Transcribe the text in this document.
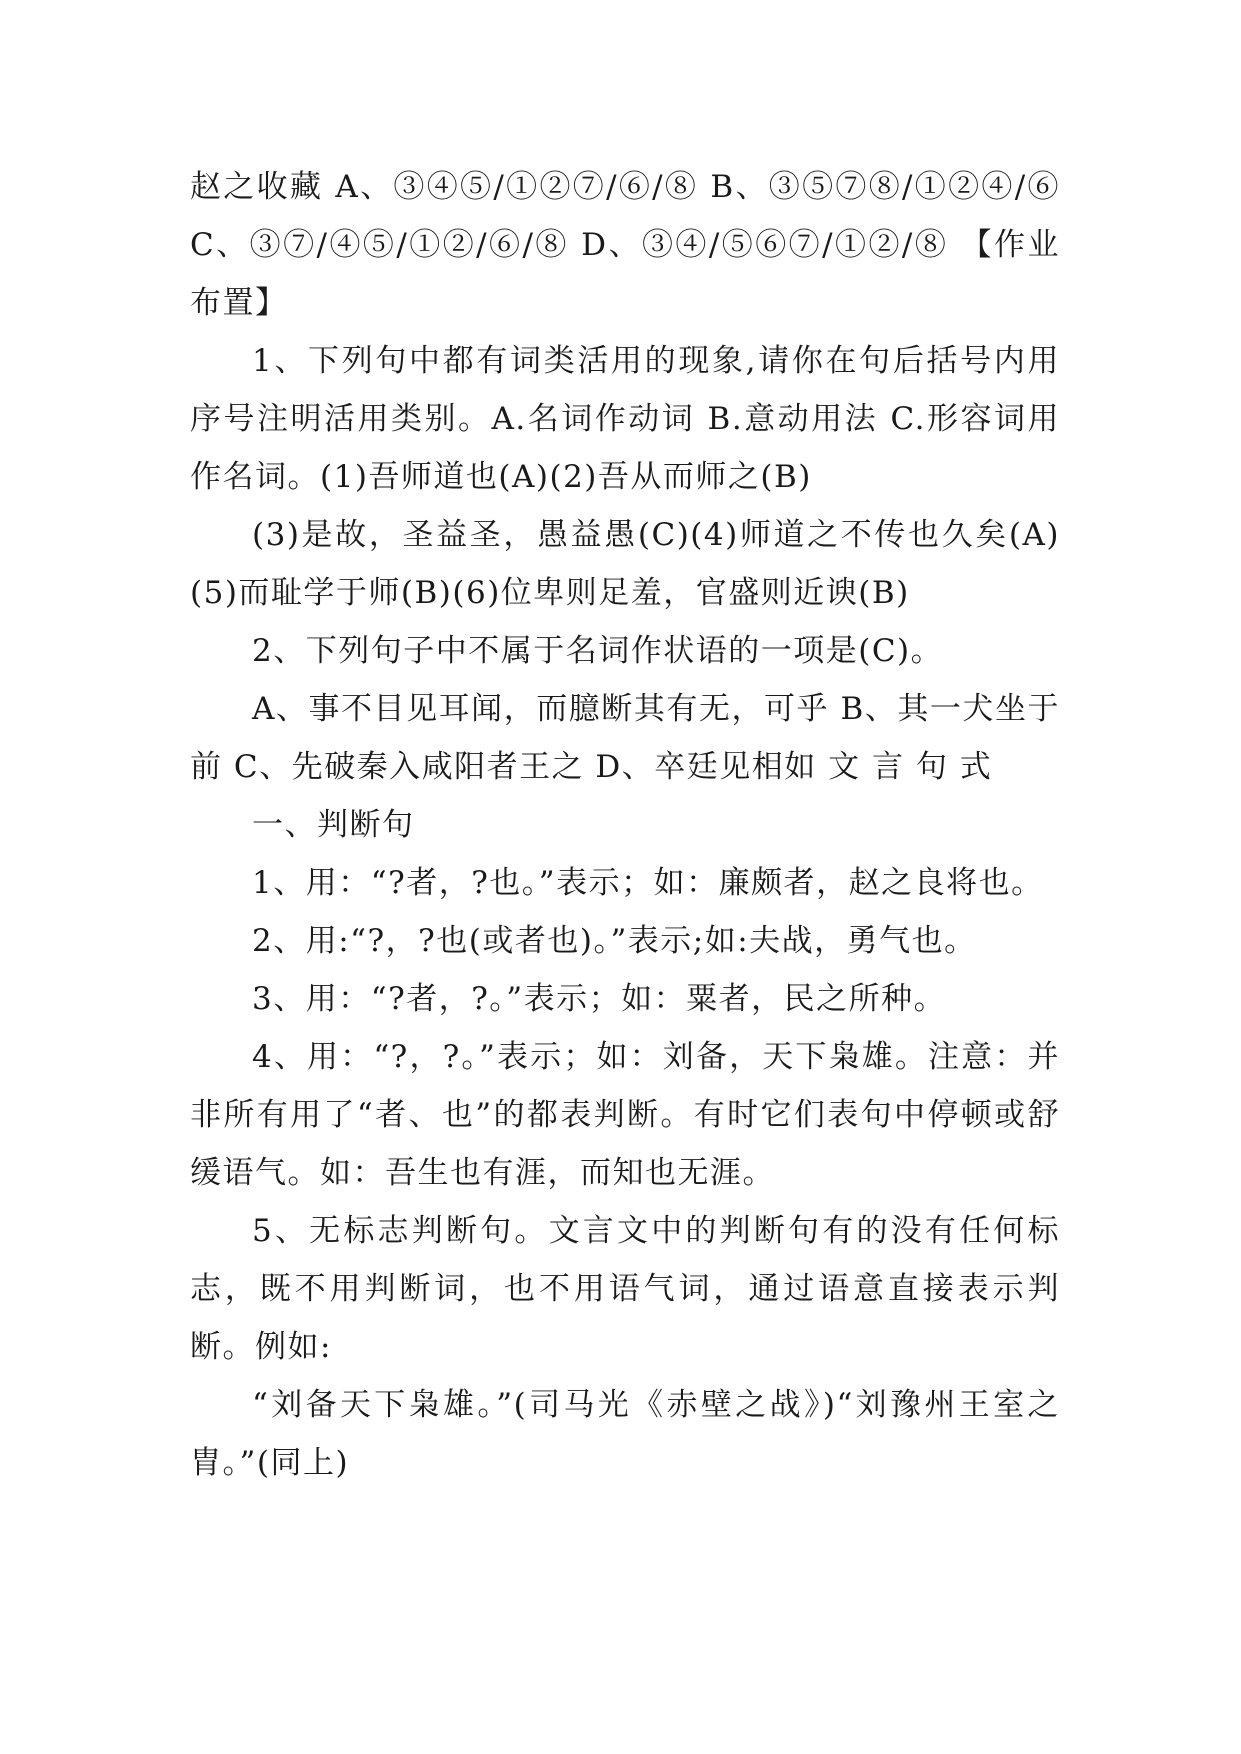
赵之收藏 A、③④⑤/①②⑦/⑥/⑧ B、③⑤⑦⑧/①②④/⑥ C、③⑦/④⑤/①②/⑥/⑧ D、③④/⑤⑥⑦/①②/⑧ 【作业布置】

1、下列句中都有词类活用的现象,请你在句后括号内用序号注明活用类别。A.名词作动词 B.意动用法 C.形容词用作名词。(1)吾师道也(A)(2)吾从而师之(B)

(3)是故，圣益圣，愚益愚(C)(4)师道之不传也久矣(A)(5)而耻学于师(B)(6)位卑则足羞，官盛则近谀(B)

2、下列句子中不属于名词作状语的一项是(C)。

A、事不目见耳闻，而臆断其有无，可乎 B、其一犬坐于前 C、先破秦入咸阳者王之 D、卒廷见相如 文 言 句 式

一、判断句

1、用：“?者，?也。”表示；如：廉颇者，赵之良将也。

2、用:“?，?也(或者也)。”表示;如:夫战，勇气也。

3、用：“?者，?。”表示；如：粟者，民之所种。

4、用：“?，?。”表示；如：刘备，天下枭雄。注意：并非所有用了“者、也”的都表判断。有时它们表句中停顿或舒缓语气。如：吾生也有涯，而知也无涯。

5、无标志判断句。文言文中的判断句有的没有任何标志，既不用判断词，也不用语气词，通过语意直接表示判断。例如:

“刘备天下枭雄。”(司马光《赤壁之战》)“刘豫州王室之胄。”(同上)
